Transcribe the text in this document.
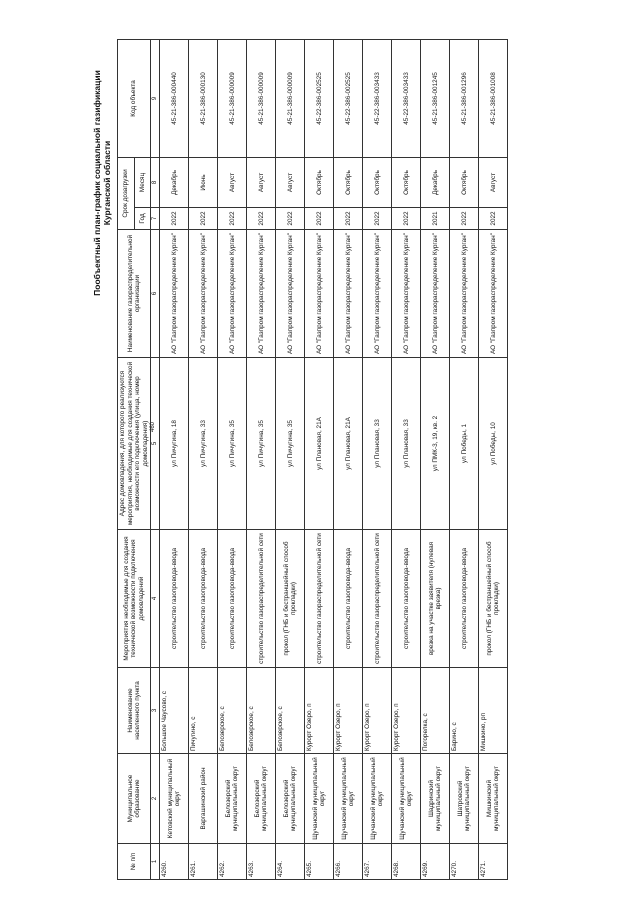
460
Пообъектный план-график социальной газификации Курганской области
№ п/п	Муниципальное образование	Наименование населенного пункта	Мероприятия необходимые для создания технической возможности подключения домовладений	Адрес домовладения, для которого реализуются мероприятия, необходимые для создания технической возможности его подключения (улица, номер домовладения)	Наименование газораспределительной организации	Срок дозагрузки		Код объекта
						Год	Месяц	
1	2	3	4	5	6	7	8	9
4260.	Кетовский муниципальный округ	Большое Чаусово, с	строительство газопровода-ввода	ул Пичугина, 18	АО "Газпром газораспределение Курган"	2022	Декабрь	45-21-386-000440
4261.	Варгашинский район	Пичугино, с	строительство газопровода-ввода	ул Пичугина, 33	АО "Газпром газораспределение Курган"	2022	Июнь	45-21-386-000130
4262.	Белозерский муниципальный округ	Белозерское, с	строительство газопровода-ввода	ул Пичугина, 35	АО "Газпром газораспределение Курган"	2022	Август	45-21-386-000009
4263.	Белозерский муниципальный округ	Белозерское, с	строительство газораспределительной сети	ул Пичугина, 35	АО "Газпром газораспределение Курган"	2022	Август	45-21-386-000009
4264.	Белозерский муниципальный округ	Белозерское, с	прокол (ГНБ и бестраншейный способ прокладки)	ул Пичугина, 35	АО "Газпром газораспределение Курган"	2022	Август	45-21-386-000009
4265.	Щучанский муниципальный округ	Курорт Озеро, п	строительство газораспределительной сети	ул Плановая, 21А	АО "Газпром газораспределение Курган"	2022	Октябрь	45-22-386-002525
4266.	Щучанский муниципальный округ	Курорт Озеро, п	строительство газопровода-ввода	ул Плановая, 21А	АО "Газпром газораспределение Курган"	2022	Октябрь	45-22-386-002525
4267.	Щучанский муниципальный округ	Курорт Озеро, п	строительство газораспределительной сети	ул Плановая, 33	АО "Газпром газораспределение Курган"	2022	Октябрь	45-22-386-003433
4268.	Щучанский муниципальный округ	Курорт Озеро, п	строительство газопровода-ввода	ул Плановая, 33	АО "Газпром газораспределение Курган"	2022	Октябрь	45-22-386-003433
4269.	Шадринский муниципальный округ	Погорелка, с	врезка на участке заявителя (нулевая врезка)	ул ПМК-3, 19, кв. 2	АО "Газпром газораспределение Курган"	2021	Декабрь	45-21-386-001245
4270.	Шатровский муниципальный округ	Барино, с	строительство газопровода-ввода	ул Победы, 1	АО "Газпром газораспределение Курган"	2022	Октябрь	45-21-386-001296
4271.	Мишкинский муниципальный округ	Мишкино, рп	прокол (ГНБ и бестраншейный способ прокладки)	ул Победы, 10	АО "Газпром газораспределение Курган"	2022	Август	45-21-386-001008
